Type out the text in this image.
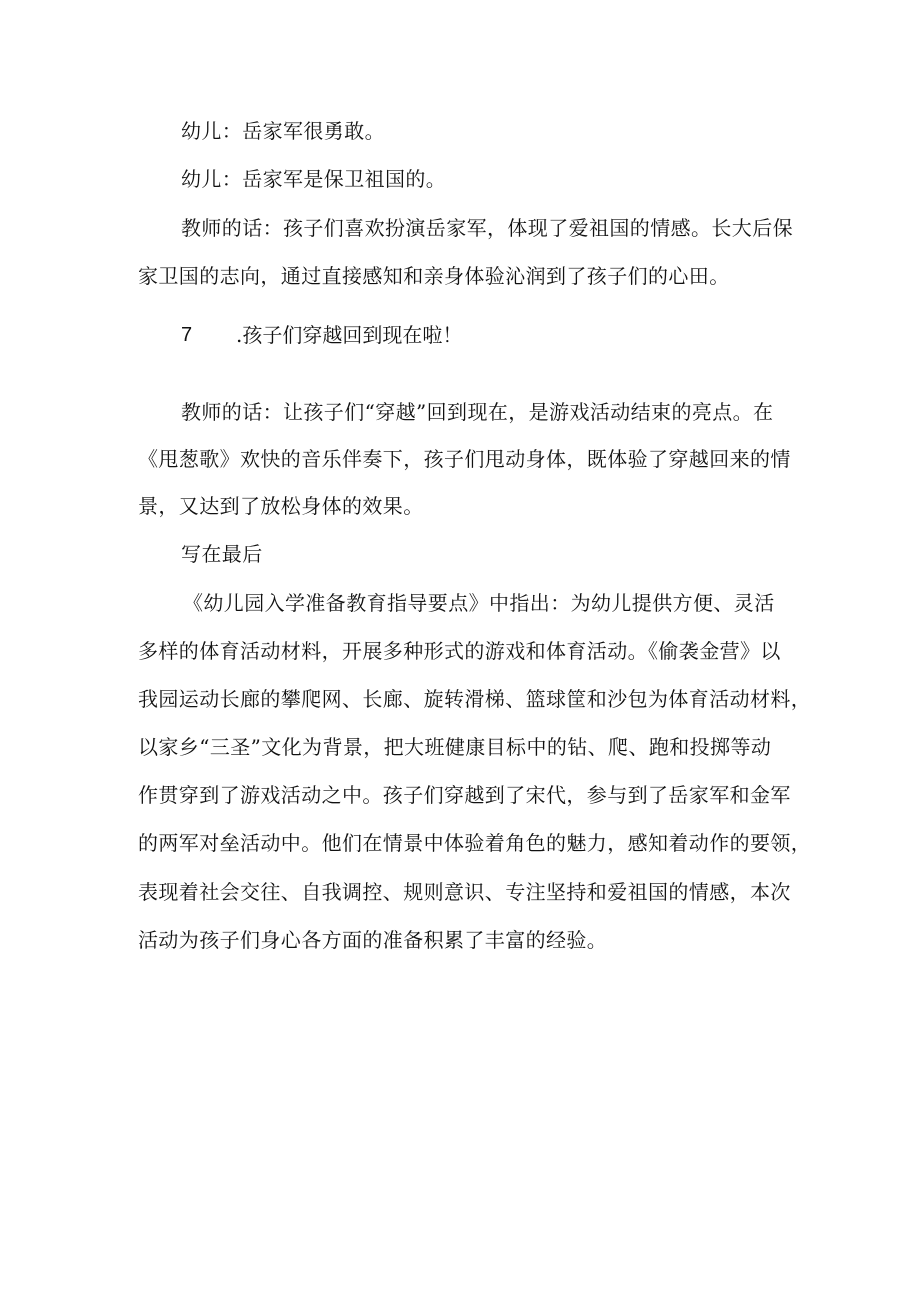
幼儿：岳家军很勇敢。
幼儿：岳家军是保卫祖国的。
教师的话：孩子们喜欢扮演岳家军，体现了爱祖国的情感。长大后保
家卫国的志向，通过直接感知和亲身体验沁润到了孩子们的心田。
7 .孩子们穿越回到现在啦！
教师的话：让孩子们“穿越”回到现在，是游戏活动结束的亮点。在
《甩葱歌》欢快的音乐伴奏下，孩子们甩动身体，既体验了穿越回来的情
景，又达到了放松身体的效果。
写在最后
《幼儿园入学准备教育指导要点》中指出：为幼儿提供方便、灵活
多样的体育活动材料，开展多种形式的游戏和体育活动。《偷袭金营》以
我园运动长廊的攀爬网、长廊、旋转滑梯、篮球筐和沙包为体育活动材料，
以家乡“三圣”文化为背景，把大班健康目标中的钻、爬、跑和投掷等动
作贯穿到了游戏活动之中。孩子们穿越到了宋代，参与到了岳家军和金军
的两军对垒活动中。他们在情景中体验着角色的魅力，感知着动作的要领，
表现着社会交往、自我调控、规则意识、专注坚持和爱祖国的情感，本次
活动为孩子们身心各方面的准备积累了丰富的经验。
